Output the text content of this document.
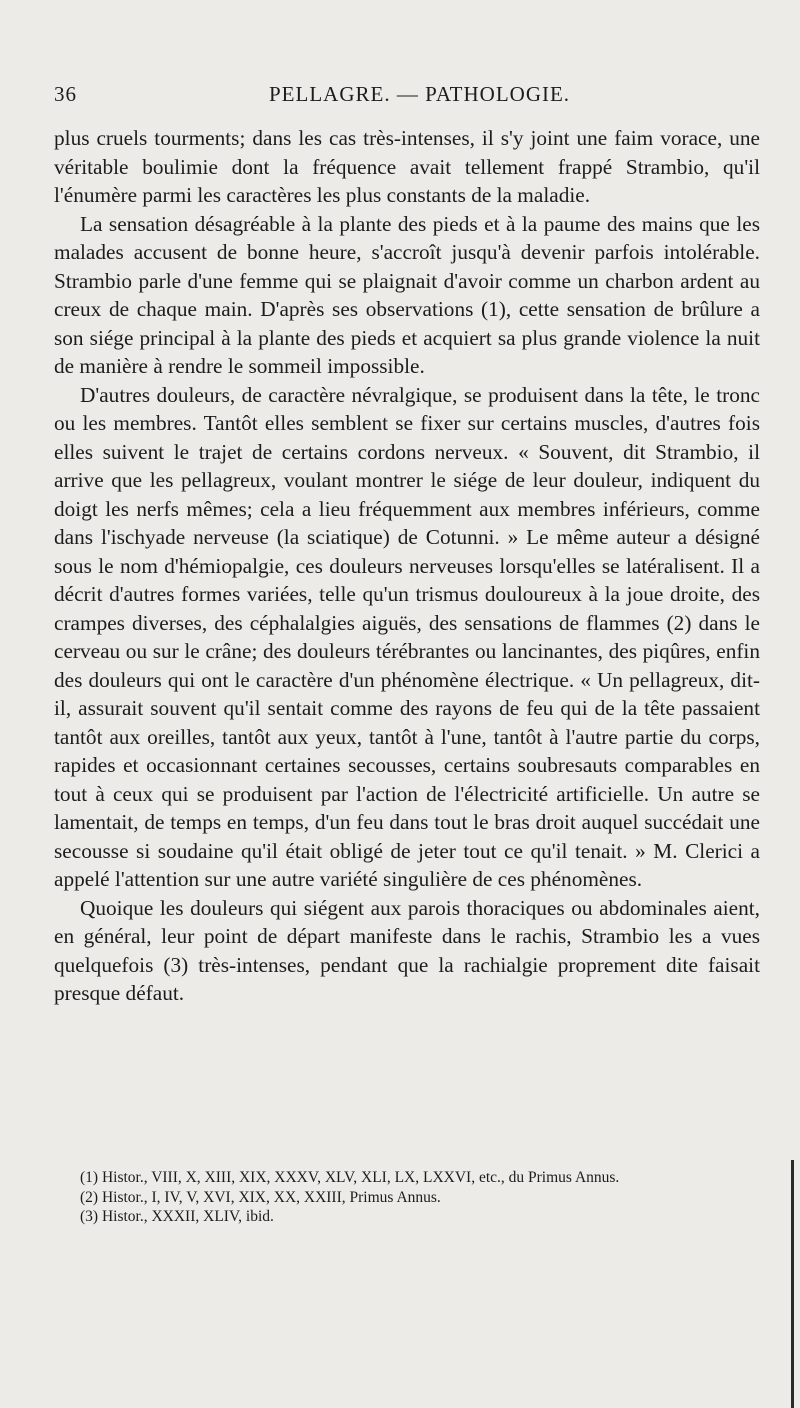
36	PELLAGRE. — PATHOLOGIE.

plus cruels tourments; dans les cas très-intenses, il s'y joint une faim vorace, une véritable boulimie dont la fréquence avait tellement frappé Strambio, qu'il l'énumère parmi les caractères les plus constants de la maladie.

La sensation désagréable à la plante des pieds et à la paume des mains que les malades accusent de bonne heure, s'accroît jusqu'à devenir parfois intolérable. Strambio parle d'une femme qui se plaignait d'avoir comme un charbon ardent au creux de chaque main. D'après ses observations (1), cette sensation de brûlure a son siége principal à la plante des pieds et acquiert sa plus grande violence la nuit de manière à rendre le sommeil impossible.

D'autres douleurs, de caractère névralgique, se produisent dans la tête, le tronc ou les membres. Tantôt elles semblent se fixer sur certains muscles, d'autres fois elles suivent le trajet de certains cordons nerveux. « Souvent, dit Strambio, il arrive que les pellagreux, voulant montrer le siége de leur douleur, indiquent du doigt les nerfs mêmes; cela a lieu fréquemment aux membres inférieurs, comme dans l'ischyade nerveuse (la sciatique) de Cotunni. » Le même auteur a désigné sous le nom d'hémiopalgie, ces douleurs nerveuses lorsqu'elles se latéralisent. Il a décrit d'autres formes variées, telle qu'un trismus douloureux à la joue droite, des crampes diverses, des céphalalgies aiguës, des sensations de flammes (2) dans le cerveau ou sur le crâne; des douleurs térébrantes ou lancinantes, des piqûres, enfin des douleurs qui ont le caractère d'un phénomène électrique. « Un pellagreux, dit-il, assurait souvent qu'il sentait comme des rayons de feu qui de la tête passaient tantôt aux oreilles, tantôt aux yeux, tantôt à l'une, tantôt à l'autre partie du corps, rapides et occasionnant certaines secousses, certains soubresauts comparables en tout à ceux qui se produisent par l'action de l'électricité artificielle. Un autre se lamentait, de temps en temps, d'un feu dans tout le bras droit auquel succédait une secousse si soudaine qu'il était obligé de jeter tout ce qu'il tenait. » M. Clerici a appelé l'attention sur une autre variété singulière de ces phénomènes.

Quoique les douleurs qui siégent aux parois thoraciques ou abdominales aient, en général, leur point de départ manifeste dans le rachis, Strambio les a vues quelquefois (3) très-intenses, pendant que la rachialgie proprement dite faisait presque défaut.

(1) Histor., VIII, X, XIII, XIX, XXXV, XLV, XLI, LX, LXXVI, etc., du Primus Annus.

(2) Histor., I, IV, V, XVI, XIX, XX, XXIII, Primus Annus.

(3) Histor., XXXII, XLIV, ibid.
